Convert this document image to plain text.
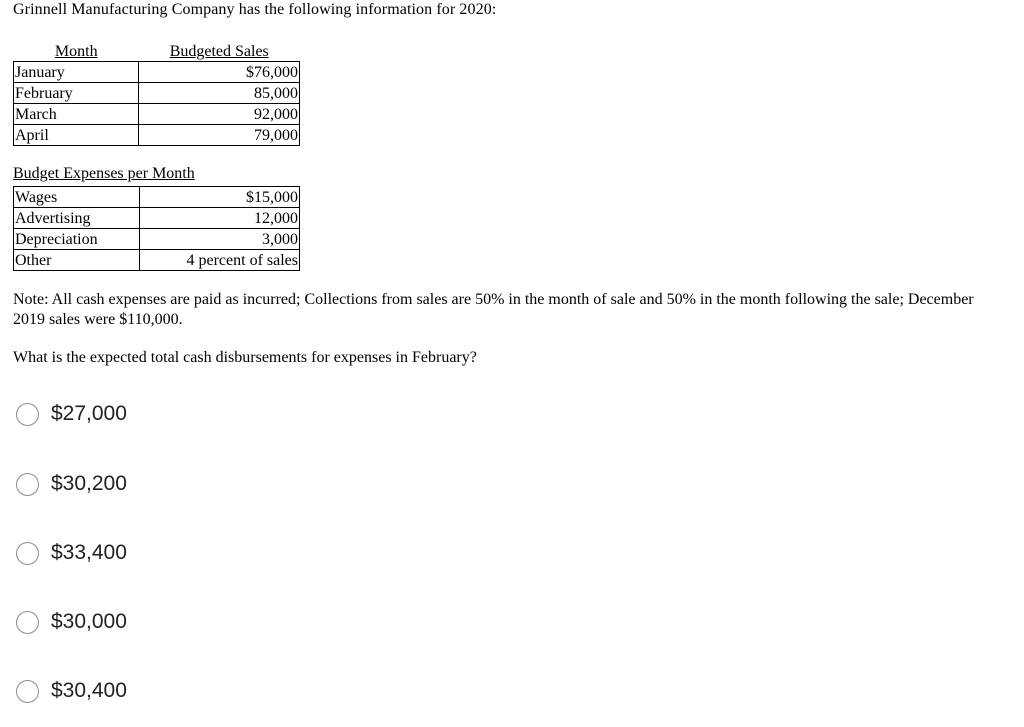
Grinnell Manufacturing Company has the following information for 2020:
Month	Budgeted Sales
January	$76,000
February	85,000
March	92,000
April	79,000
Budget Expenses per Month
Wages	$15,000
Advertising	12,000
Depreciation	3,000
Other	4 percent of sales
Note: All cash expenses are paid as incurred; Collections from sales are 50% in the month of sale and 50% in the month following the sale; December 2019 sales were $110,000.
What is the expected total cash disbursements for expenses in February?
$27,000
$30,200
$33,400
$30,000
$30,400
